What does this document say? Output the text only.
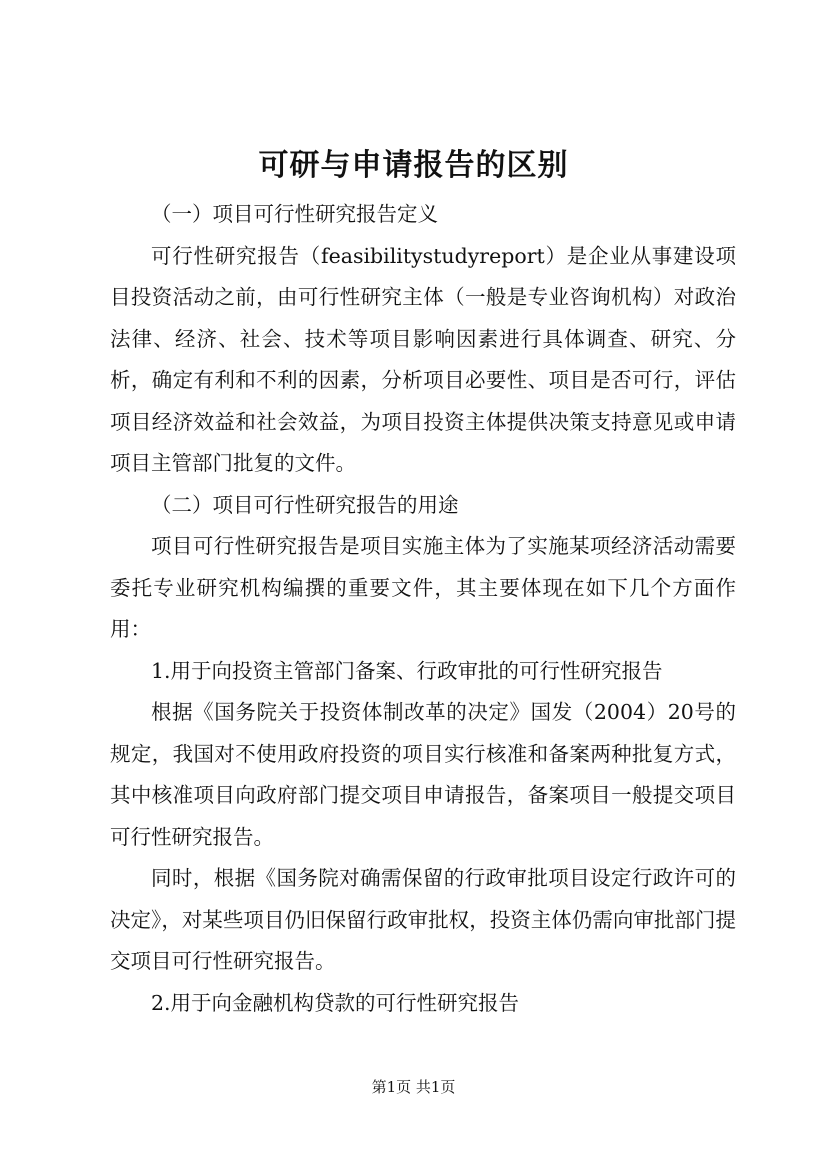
可研与申请报告的区别

（一）项目可行性研究报告定义

可行性研究报告（feasibilitystudyreport）是企业从事建设项目投资活动之前，由可行性研究主体（一般是专业咨询机构）对政治法律、经济、社会、技术等项目影响因素进行具体调查、研究、分析，确定有利和不利的因素，分析项目必要性、项目是否可行，评估项目经济效益和社会效益，为项目投资主体提供决策支持意见或申请项目主管部门批复的文件。

（二）项目可行性研究报告的用途

项目可行性研究报告是项目实施主体为了实施某项经济活动需要委托专业研究机构编撰的重要文件，其主要体现在如下几个方面作用：

1.用于向投资主管部门备案、行政审批的可行性研究报告

根据《国务院关于投资体制改革的决定》国发（2004）20号的规定，我国对不使用政府投资的项目实行核准和备案两种批复方式，其中核准项目向政府部门提交项目申请报告，备案项目一般提交项目可行性研究报告。

同时，根据《国务院对确需保留的行政审批项目设定行政许可的决定》，对某些项目仍旧保留行政审批权，投资主体仍需向审批部门提交项目可行性研究报告。

2.用于向金融机构贷款的可行性研究报告

第1页 共1页
